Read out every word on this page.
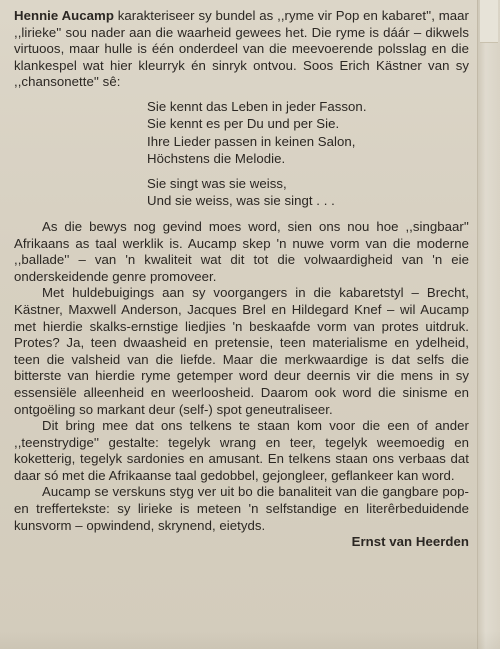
Hennie Aucamp karakteriseer sy bundel as ,,ryme vir Pop en kabaret'', maar ,,lirieke'' sou nader aan die waarheid gewees het. Die ryme is dáár – dikwels virtuoos, maar hulle is één onderdeel van die meevoerende polsslag en die klankespel wat hier kleurryk én sinryk ontvou. Soos Erich Kästner van sy ,,chansonette'' sê:

Sie kennt das Leben in jeder Fasson.
Sie kennt es per Du und per Sie.
Ihre Lieder passen in keinen Salon,
Höchstens die Melodie.
Sie singt was sie weiss,
Und sie weiss, was sie singt . . .

As die bewys nog gevind moes word, sien ons nou hoe ,,singbaar'' Afrikaans as taal werklik is. Aucamp skep 'n nuwe vorm van die moderne ,,ballade'' – van 'n kwaliteit wat dit tot die volwaardigheid van 'n eie onderskeidende genre promoveer.

Met huldebuigings aan sy voorgangers in die kabaretstyl – Brecht, Kästner, Maxwell Anderson, Jacques Brel en Hildegard Knef – wil Aucamp met hierdie skalks-ernstige liedjies 'n beskaafde vorm van protes uitdruk. Protes? Ja, teen dwaasheid en pretensie, teen materialisme en ydelheid, teen die valsheid van die liefde. Maar die merkwaardige is dat selfs die bitterste van hierdie ryme getemper word deur deernis vir die mens in sy essensiële alleenheid en weerloosheid. Daarom ook word die sinisme en ontgoëling so markant deur (self-) spot geneutraliseer.

Dit bring mee dat ons telkens te staan kom voor die een of ander ,,teenstrydige'' gestalte: tegelyk wrang en teer, tegelyk weemoedig en koketterig, tegelyk sardonies en amusant. En telkens staan ons verbaas dat daar só met die Afrikaanse taal gedobbel, gejongleer, geflankeer kan word.

Aucamp se verskuns styg ver uit bo die banaliteit van die gangbare pop- en treffertekste: sy lirieke is meteen 'n selfstandige en literêrbeduidende kunsvorm – opwindend, skrynend, eietyds.

Ernst van Heerden
